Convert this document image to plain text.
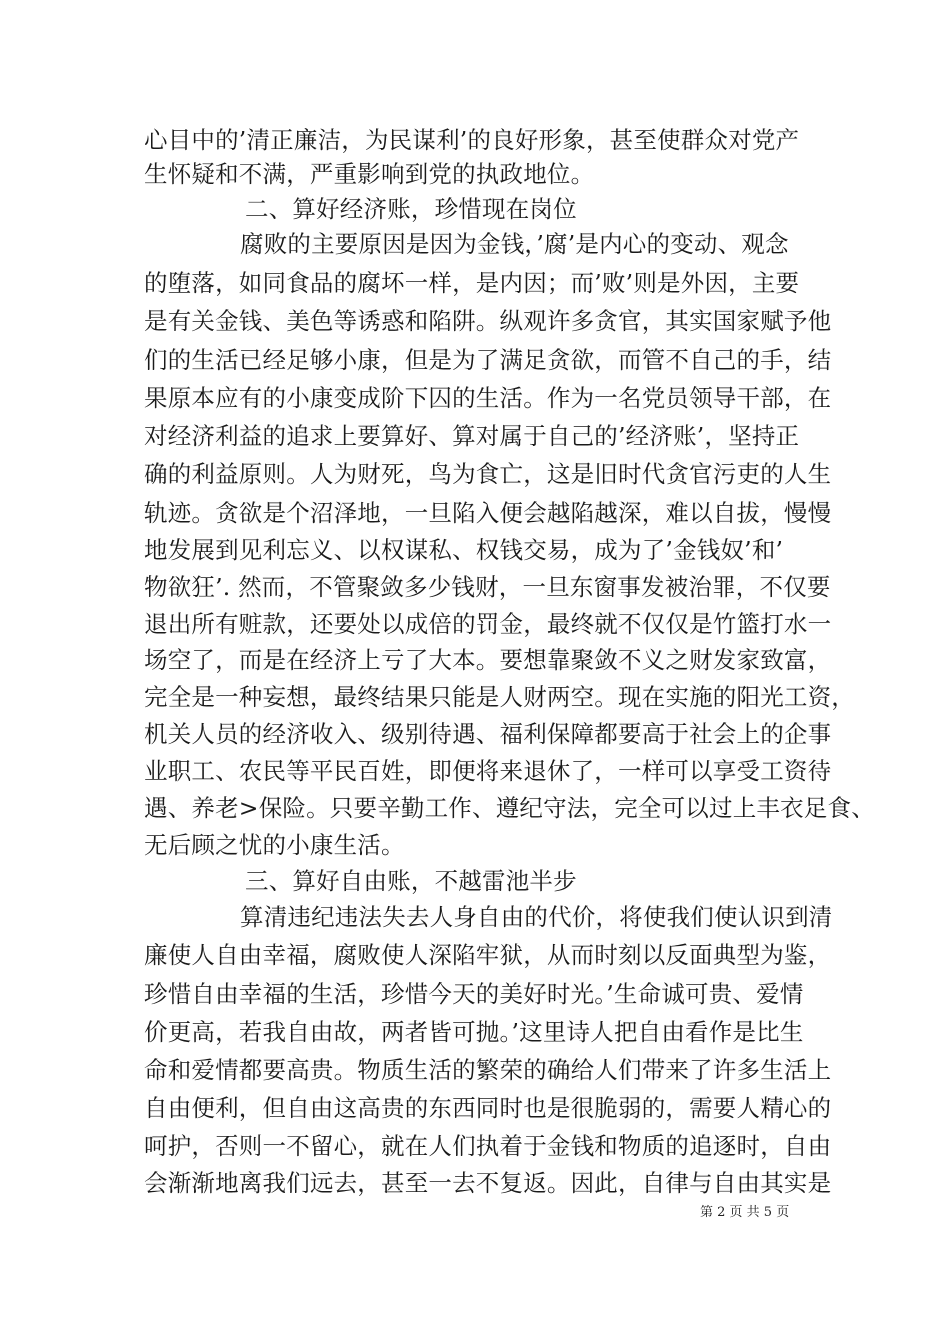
心目中的’清正廉洁，为民谋利’的良好形象，甚至使群众对党产
生怀疑和不满，严重影响到党的执政地位。
二、算好经济账，珍惜现在岗位
腐败的主要原因是因为金钱，’腐’是内心的变动、观念
的堕落，如同食品的腐坏一样，是内因；而’败’则是外因，主要
是有关金钱、美色等诱惑和陷阱。纵观许多贪官，其实国家赋予他
们的生活已经足够小康，但是为了满足贪欲，而管不自己的手，结
果原本应有的小康变成阶下囚的生活。作为一名党员领导干部，在
对经济利益的追求上要算好、算对属于自己的’经济账’，坚持正
确的利益原则。人为财死，鸟为食亡，这是旧时代贪官污吏的人生
轨迹。贪欲是个沼泽地，一旦陷入便会越陷越深，难以自拔，慢慢
地发展到见利忘义、以权谋私、权钱交易，成为了’金钱奴’和’
物欲狂’. 然而，不管聚敛多少钱财，一旦东窗事发被治罪，不仅要
退出所有赃款，还要处以成倍的罚金，最终就不仅仅是竹篮打水一
场空了，而是在经济上亏了大本。要想靠聚敛不义之财发家致富，
完全是一种妄想，最终结果只能是人财两空。现在实施的阳光工资，
机关人员的经济收入、级别待遇、福利保障都要高于社会上的企事
业职工、农民等平民百姓，即便将来退休了，一样可以享受工资待
遇、养老>保险。只要辛勤工作、遵纪守法，完全可以过上丰衣足食、
无后顾之忧的小康生活。
三、算好自由账，不越雷池半步
算清违纪违法失去人身自由的代价，将使我们使认识到清
廉使人自由幸福，腐败使人深陷牢狱，从而时刻以反面典型为鉴，
珍惜自由幸福的生活，珍惜今天的美好时光。’生命诚可贵、爱情
价更高，若我自由故，两者皆可抛。’这里诗人把自由看作是比生
命和爱情都要高贵。物质生活的繁荣的确给人们带来了许多生活上
自由便利，但自由这高贵的东西同时也是很脆弱的，需要人精心的
呵护，否则一不留心，就在人们执着于金钱和物质的追逐时，自由
会渐渐地离我们远去，甚至一去不复返。因此，自律与自由其实是
第 2 页 共 5 页
